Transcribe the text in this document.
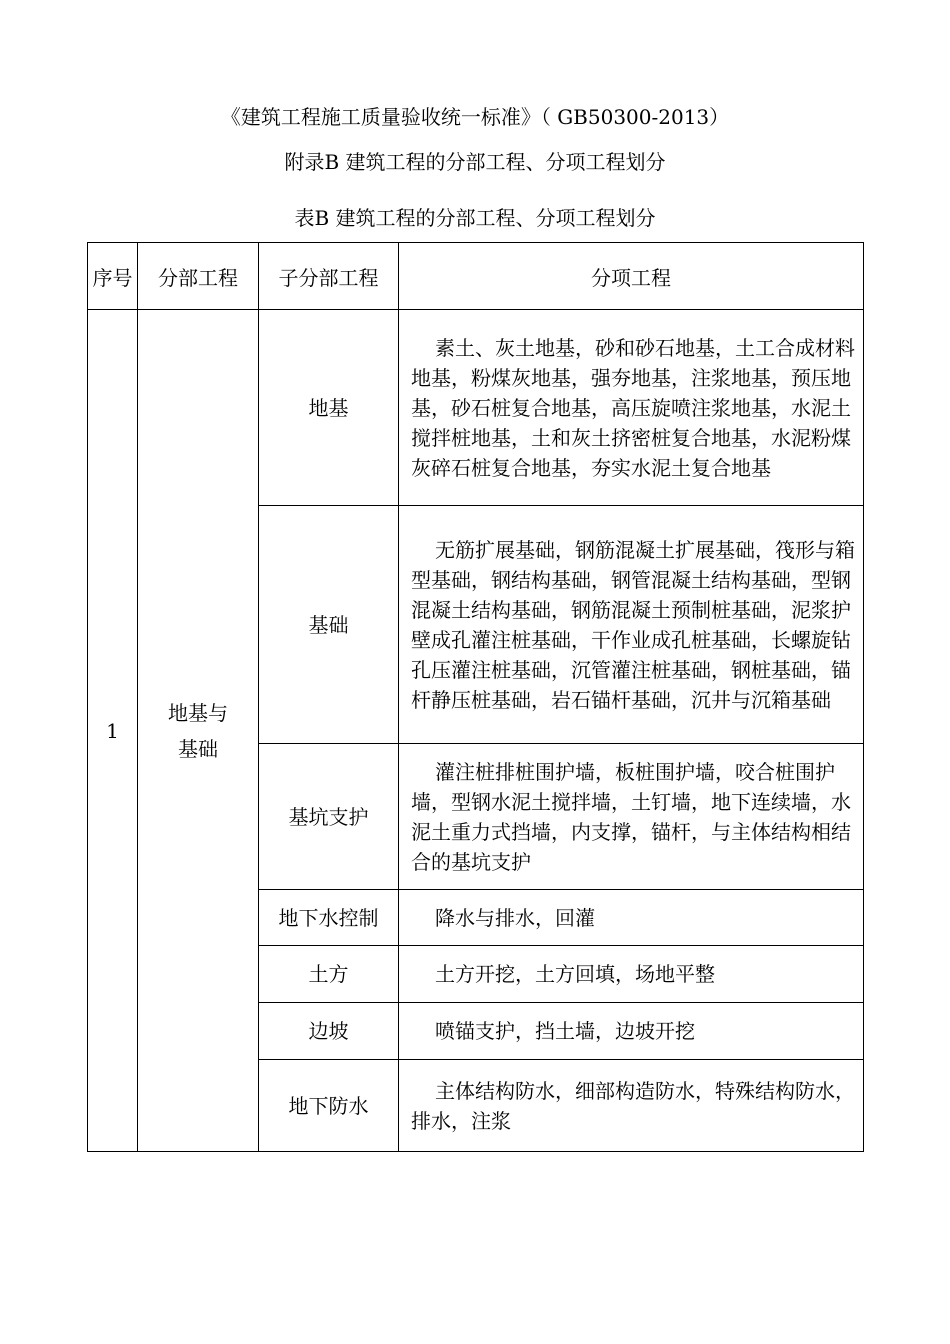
《建筑工程施工质量验收统一标准》（ GB50300-2013）
附录B 建筑工程的分部工程、分项工程划分
表B 建筑工程的分部工程、分项工程划分
序号	分部工程	子分部工程	分项工程
1	地基与基础	地基	素土、灰土地基，砂和砂石地基，土工合成材料地基，粉煤灰地基，强夯地基，注浆地基，预压地基，砂石桩复合地基，高压旋喷注浆地基，水泥土搅拌桩地基，土和灰土挤密桩复合地基，水泥粉煤灰碎石桩复合地基，夯实水泥土复合地基
		基础	无筋扩展基础，钢筋混凝土扩展基础，筏形与箱型基础，钢结构基础，钢管混凝土结构基础，型钢混凝土结构基础，钢筋混凝土预制桩基础，泥浆护壁成孔灌注桩基础，干作业成孔桩基础，长螺旋钻孔压灌注桩基础，沉管灌注桩基础，钢桩基础，锚杆静压桩基础，岩石锚杆基础，沉井与沉箱基础
		基坑支护	灌注桩排桩围护墙，板桩围护墙，咬合桩围护墙，型钢水泥土搅拌墙，土钉墙，地下连续墙，水泥土重力式挡墙，内支撑，锚杆，与主体结构相结合的基坑支护
		地下水控制	降水与排水，回灌
		土方	土方开挖，土方回填，场地平整
		边坡	喷锚支护，挡土墙，边坡开挖
		地下防水	主体结构防水，细部构造防水，特殊结构防水，排水，注浆
